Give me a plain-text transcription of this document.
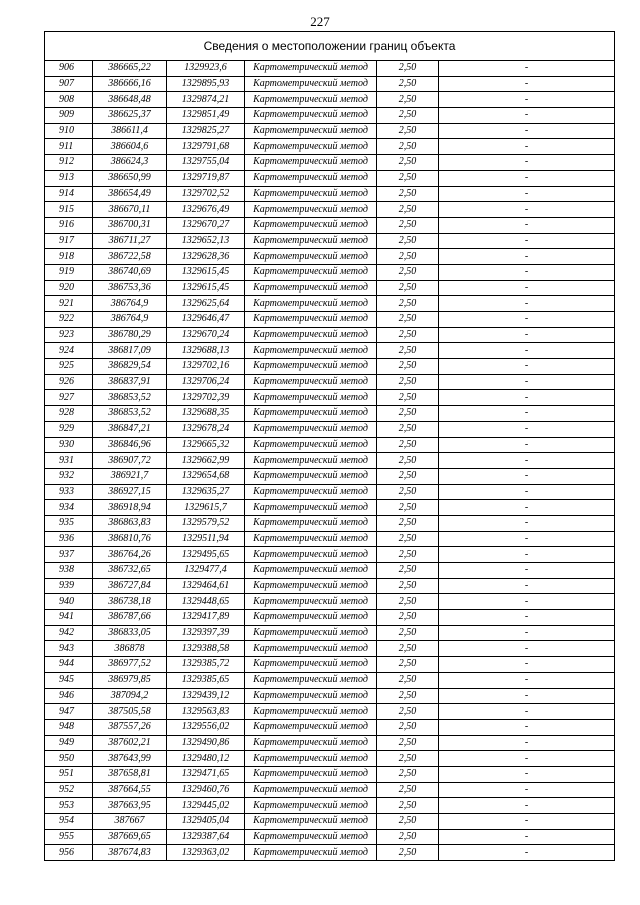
227
Сведения о местоположении границ объекта					
906	386665,22	1329923,6	Картометрический метод	2,50	-
907	386666,16	1329895,93	Картометрический метод	2,50	-
908	386648,48	1329874,21	Картометрический метод	2,50	-
909	386625,37	1329851,49	Картометрический метод	2,50	-
910	386611,4	1329825,27	Картометрический метод	2,50	-
911	386604,6	1329791,68	Картометрический метод	2,50	-
912	386624,3	1329755,04	Картометрический метод	2,50	-
913	386650,99	1329719,87	Картометрический метод	2,50	-
914	386654,49	1329702,52	Картометрический метод	2,50	-
915	386670,11	1329676,49	Картометрический метод	2,50	-
916	386700,31	1329670,27	Картометрический метод	2,50	-
917	386711,27	1329652,13	Картометрический метод	2,50	-
918	386722,58	1329628,36	Картометрический метод	2,50	-
919	386740,69	1329615,45	Картометрический метод	2,50	-
920	386753,36	1329615,45	Картометрический метод	2,50	-
921	386764,9	1329625,64	Картометрический метод	2,50	-
922	386764,9	1329646,47	Картометрический метод	2,50	-
923	386780,29	1329670,24	Картометрический метод	2,50	-
924	386817,09	1329688,13	Картометрический метод	2,50	-
925	386829,54	1329702,16	Картометрический метод	2,50	-
926	386837,91	1329706,24	Картометрический метод	2,50	-
927	386853,52	1329702,39	Картометрический метод	2,50	-
928	386853,52	1329688,35	Картометрический метод	2,50	-
929	386847,21	1329678,24	Картометрический метод	2,50	-
930	386846,96	1329665,32	Картометрический метод	2,50	-
931	386907,72	1329662,99	Картометрический метод	2,50	-
932	386921,7	1329654,68	Картометрический метод	2,50	-
933	386927,15	1329635,27	Картометрический метод	2,50	-
934	386918,94	1329615,7	Картометрический метод	2,50	-
935	386863,83	1329579,52	Картометрический метод	2,50	-
936	386810,76	1329511,94	Картометрический метод	2,50	-
937	386764,26	1329495,65	Картометрический метод	2,50	-
938	386732,65	1329477,4	Картометрический метод	2,50	-
939	386727,84	1329464,61	Картометрический метод	2,50	-
940	386738,18	1329448,65	Картометрический метод	2,50	-
941	386787,66	1329417,89	Картометрический метод	2,50	-
942	386833,05	1329397,39	Картометрический метод	2,50	-
943	386878	1329388,58	Картометрический метод	2,50	-
944	386977,52	1329385,72	Картометрический метод	2,50	-
945	386979,85	1329385,65	Картометрический метод	2,50	-
946	387094,2	1329439,12	Картометрический метод	2,50	-
947	387505,58	1329563,83	Картометрический метод	2,50	-
948	387557,26	1329556,02	Картометрический метод	2,50	-
949	387602,21	1329490,86	Картометрический метод	2,50	-
950	387643,99	1329480,12	Картометрический метод	2,50	-
951	387658,81	1329471,65	Картометрический метод	2,50	-
952	387664,55	1329460,76	Картометрический метод	2,50	-
953	387663,95	1329445,02	Картометрический метод	2,50	-
954	387667	1329405,04	Картометрический метод	2,50	-
955	387669,65	1329387,64	Картометрический метод	2,50	-
956	387674,83	1329363,02	Картометрический метод	2,50	-
